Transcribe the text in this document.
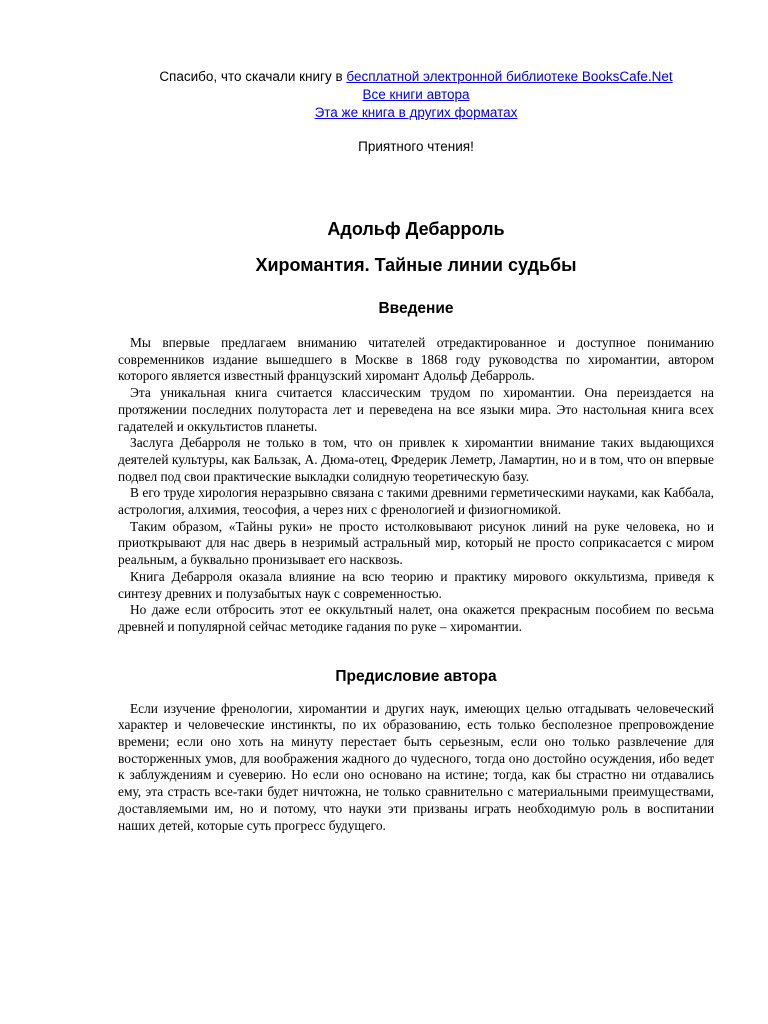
Спасибо, что скачали книгу в бесплатной электронной библиотеке BooksCafe.Net
Все книги автора
Эта же книга в других форматах
Приятного чтения!
Адольф Дебарроль
Хиромантия. Тайные линии судьбы
Введение

Мы впервые предлагаем вниманию читателей отредактированное и доступное пониманию современников издание вышедшего в Москве в 1868 году руководства по хиромантии, автором которого является известный французский хиромант Адольф Дебарроль.

Эта уникальная книга считается классическим трудом по хиромантии. Она переиздается на протяжении последних полутораста лет и переведена на все языки мира. Это настольная книга всех гадателей и оккультистов планеты.

Заслуга Дебарроля не только в том, что он привлек к хиромантии внимание таких выдающихся деятелей культуры, как Бальзак, А. Дюма-отец, Фредерик Леметр, Ламартин, но и в том, что он впервые подвел под свои практические выкладки солидную теоретическую базу.

В его труде хирология неразрывно связана с такими древними герметическими науками, как Каббала, астрология, алхимия, теософия, а через них с френологией и физиогномикой.

Таким образом, «Тайны руки» не просто истолковывают рисунок линий на руке человека, но и приоткрывают для нас дверь в незримый астральный мир, который не просто соприкасается с миром реальным, а буквально пронизывает его насквозь.

Книга Дебарроля оказала влияние на всю теорию и практику мирового оккультизма, приведя к синтезу древних и полузабытых наук с современностью.

Но даже если отбросить этот ее оккультный налет, она окажется прекрасным пособием по весьма древней и популярной сейчас методике гадания по руке – хиромантии.

Предисловие автора

Если изучение френологии, хиромантии и других наук, имеющих целью отгадывать человеческий характер и человеческие инстинкты, по их образованию, есть только бесполезное препровождение времени; если оно хоть на минуту перестает быть серьезным, если оно только развлечение для восторженных умов, для воображения жадного до чудесного, тогда оно достойно осуждения, ибо ведет к заблуждениям и суеверию. Но если оно основано на истине; тогда, как бы страстно ни отдавались ему, эта страсть все-таки будет ничтожна, не только сравнительно с материальными преимуществами, доставляемыми им, но и потому, что науки эти призваны играть необходимую роль в воспитании наших детей, которые суть прогресс будущего.
